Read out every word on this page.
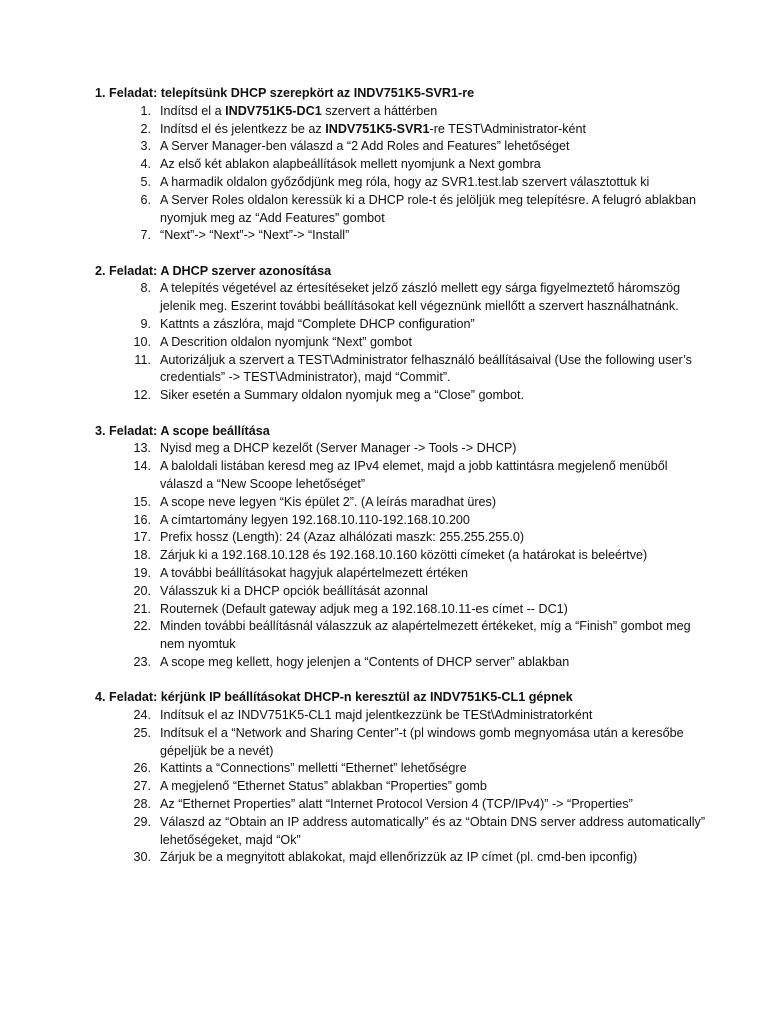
1. Feladat: telepítsünk DHCP szerepkört az INDV751K5-SVR1-re
1. Indítsd el a INDV751K5-DC1 szervert a háttérben
2. Indítsd el és jelentkezz be az INDV751K5-SVR1-re TEST\Administrator-ként
3. A Server Manager-ben válaszd a “2 Add Roles and Features” lehetőséget
4. Az első két ablakon alapbeállítások mellett nyomjunk a Next gombra
5. A harmadik oldalon győződjünk meg róla, hogy az SVR1.test.lab szervert választottuk ki
6. A Server Roles oldalon keressük ki a DHCP role-t és jelöljük meg telepítésre. A felugró ablakban nyomjuk meg az “Add Features” gombot
7. “Next”-> “Next”-> “Next”-> “Install”
2. Feladat: A DHCP szerver azonosítása
8. A telepítés végetével az értesítéseket jelző zászló mellett egy sárga figyelmeztető háromszög jelenik meg. Eszerint további beállításokat kell végeznünk miellőtt a szervert használhatnánk.
9. Kattnts a zászlóra, majd “Complete DHCP configuration”
10. A Descrition oldalon nyomjunk “Next” gombot
11. Autorizáljuk a szervert a TEST\Administrator felhasználó beállításaival (Use the following user’s credentials” -> TEST\Administrator), majd “Commit”.
12. Siker esetén a Summary oldalon nyomjuk meg a “Close” gombot.
3. Feladat: A scope beállítása
13. Nyisd meg a DHCP kezelőt (Server Manager -> Tools -> DHCP)
14. A baloldali listában keresd meg az IPv4 elemet, majd a jobb kattintásra megjelenő menüből válaszd a “New Scoope lehetőséget”
15. A scope neve legyen “Kis épület 2”. (A leírás maradhat üres)
16. A címtartomány legyen 192.168.10.110-192.168.10.200
17. Prefix hossz (Length): 24 (Azaz alhálózati maszk: 255.255.255.0)
18. Zárjuk ki a 192.168.10.128 és 192.168.10.160 közötti címeket (a határokat is beleértve)
19. A további beállításokat hagyjuk alapértelmezett értéken
20. Válasszuk ki a DHCP opciók beállítását azonnal
21. Routernek (Default gateway adjuk meg a 192.168.10.11-es címet -- DC1)
22. Minden további beállításnál válaszzuk az alapértelmezett értékeket, míg a “Finish” gombot meg nem nyomtuk
23. A scope meg kellett, hogy jelenjen a “Contents of DHCP server” ablakban
4. Feladat: kérjünk IP beállításokat DHCP-n keresztül az INDV751K5-CL1 gépnek
24. Indítsuk el az INDV751K5-CL1 majd jelentkezzünk be TESt\Administratorként
25. Indítsuk el a “Network and Sharing Center”-t (pl windows gomb megnyomása után a keresőbe gépeljük be a nevét)
26. Kattints a “Connections” melletti “Ethernet” lehetőségre
27. A megjelenő “Ethernet Status” ablakban “Properties” gomb
28. Az “Ethernet Properties” alatt “Internet Protocol Version 4 (TCP/IPv4)” -> “Properties”
29. Válaszd az “Obtain an IP address automatically” és az “Obtain DNS server address automatically” lehetőségeket, majd “Ok”
30. Zárjuk be a megnyitott ablakokat, majd ellenőrizzük az IP címet (pl. cmd-ben ipconfig)
